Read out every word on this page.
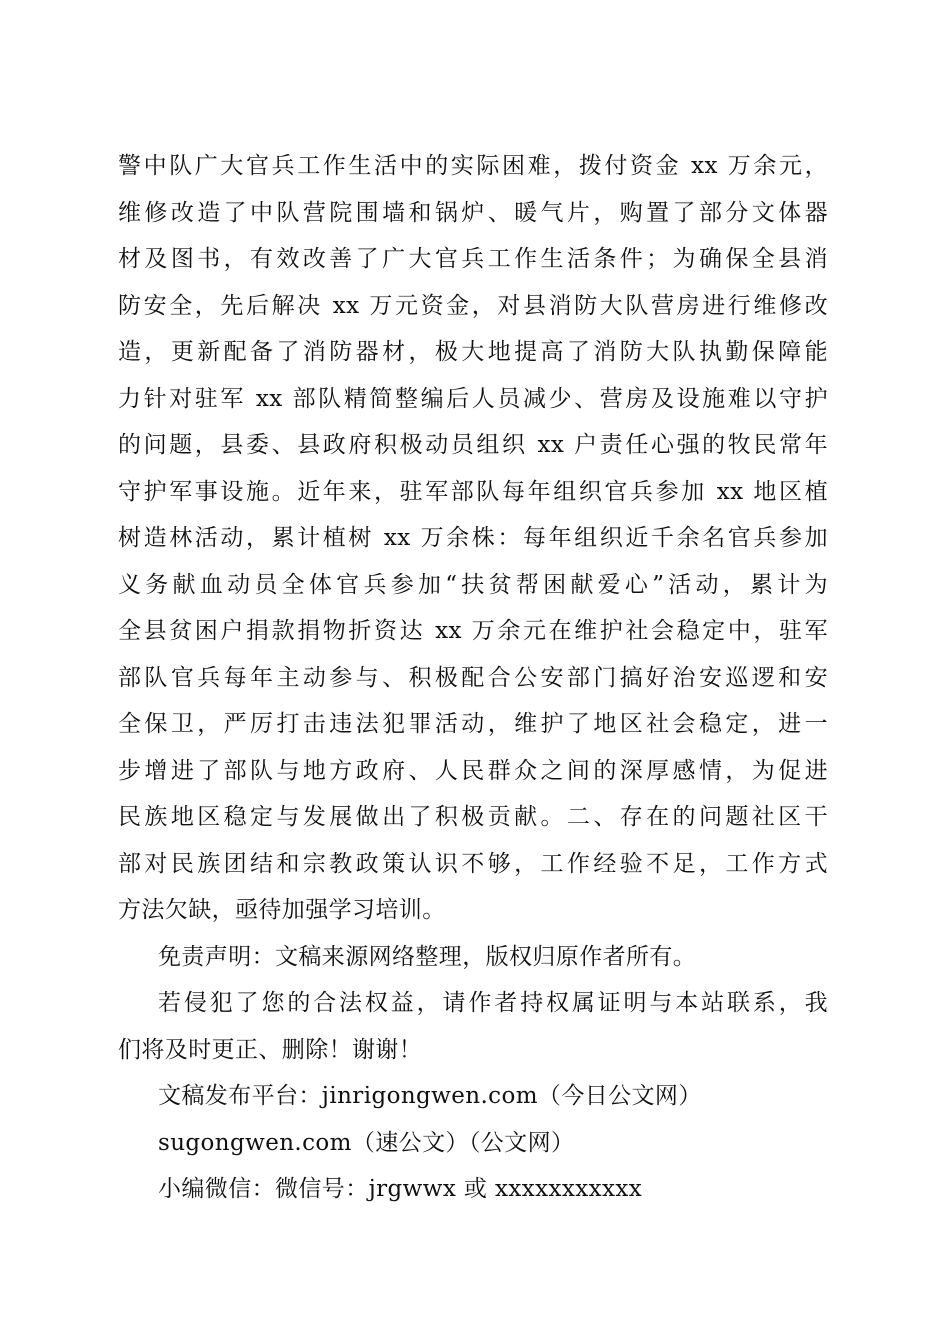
警中队广大官兵工作生活中的实际困难，拨付资金 xx 万余元，
维修改造了中队营院围墙和锅炉、暖气片，购置了部分文体器
材及图书，有效改善了广大官兵工作生活条件；为确保全县消
防安全，先后解决 xx 万元资金，对县消防大队营房进行维修改
造，更新配备了消防器材，极大地提高了消防大队执勤保障能
力针对驻军 xx 部队精简整编后人员减少、营房及设施难以守护
的问题，县委、县政府积极动员组织 xx 户责任心强的牧民常年
守护军事设施。近年来，驻军部队每年组织官兵参加 xx 地区植
树造林活动，累计植树 xx 万余株：每年组织近千余名官兵参加
义务献血动员全体官兵参加“扶贫帮困献爱心”活动，累计为
全县贫困户捐款捐物折资达 xx 万余元在维护社会稳定中，驻军
部队官兵每年主动参与、积极配合公安部门搞好治安巡逻和安
全保卫，严厉打击违法犯罪活动，维护了地区社会稳定，进一
步增进了部队与地方政府、人民群众之间的深厚感情，为促进
民族地区稳定与发展做出了积极贡献。二、存在的问题社区干
部对民族团结和宗教政策认识不够，工作经验不足，工作方式
方法欠缺，亟待加强学习培训。
免责声明：文稿来源网络整理，版权归原作者所有。
若侵犯了您的合法权益，请作者持权属证明与本站联系，我
们将及时更正、删除！谢谢！
文稿发布平台：jinrigongwen.com（今日公文网）
sugongwen.com（速公文）（公文网）
小编微信：微信号：jrgwwx 或 xxxxxxxxxxx
